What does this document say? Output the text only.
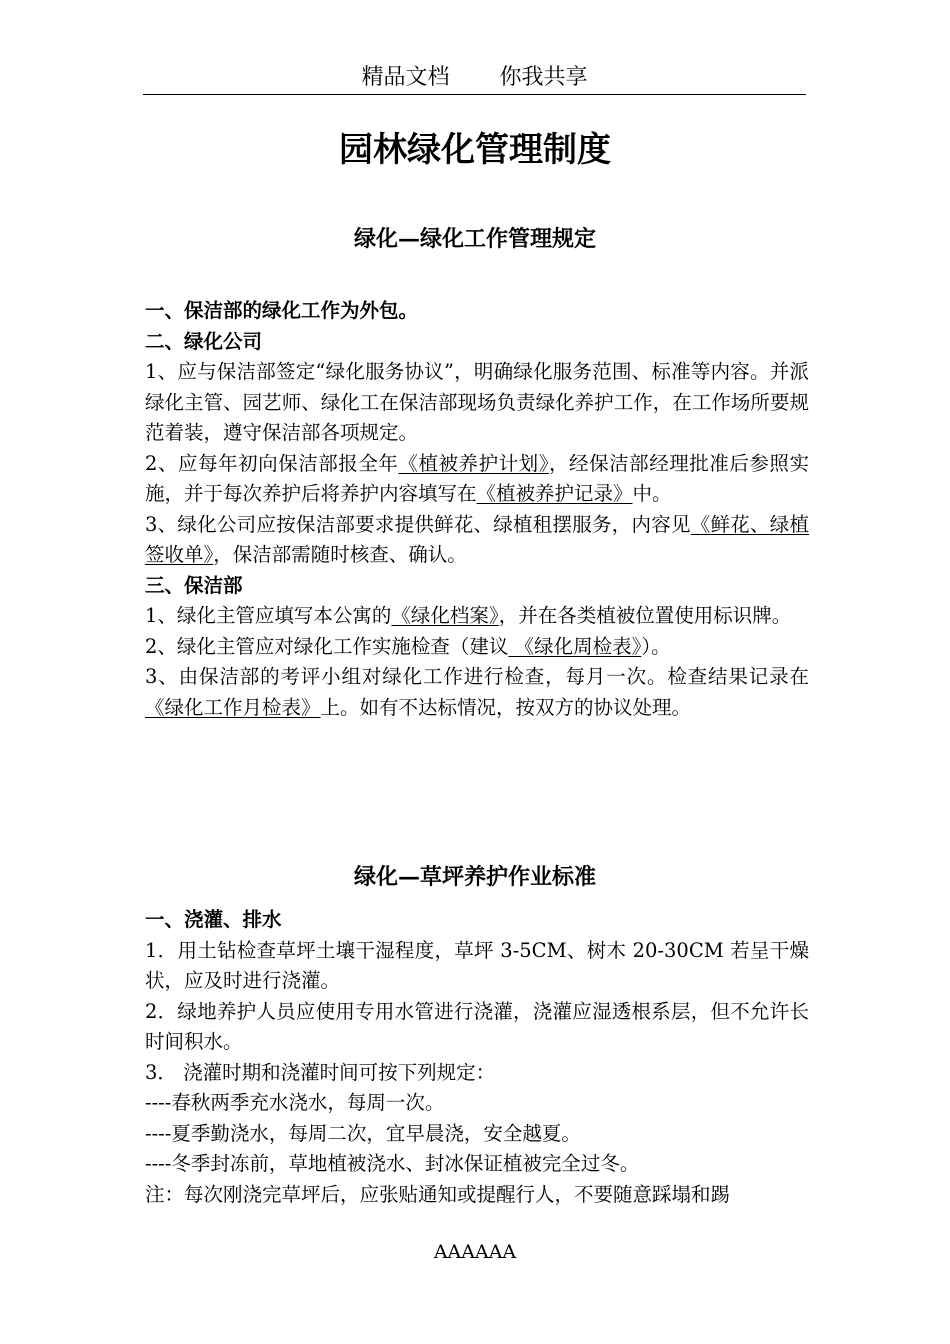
精品文档 你我共享
园林绿化管理制度
绿化—绿化工作管理规定

一、保洁部的绿化工作为外包。

二、绿化公司

1、应与保洁部签定“绿化服务协议”，明确绿化服务范围、标准等内容。并派绿化主管、园艺师、绿化工在保洁部现场负责绿化养护工作，在工作场所要规范着装，遵守保洁部各项规定。

2、应每年初向保洁部报全年《植被养护计划》，经保洁部经理批准后参照实施，并于每次养护后将养护内容填写在《植被养护记录》中。

3、绿化公司应按保洁部要求提供鲜花、绿植租摆服务，内容见《鲜花、绿植签收单》，保洁部需随时核查、确认。

三、保洁部

1、绿化主管应填写本公寓的《绿化档案》，并在各类植被位置使用标识牌。

2、绿化主管应对绿化工作实施检查（建议 《绿化周检表》）。

3、由保洁部的考评小组对绿化工作进行检查，每月一次。检查结果记录在《绿化工作月检表》上。如有不达标情况，按双方的协议处理。

绿化—草坪养护作业标准

一、浇灌、排水

1．用土钻检查草坪土壤干湿程度，草坪 3-5CM、树木 20-30CM 若呈干燥状，应及时进行浇灌。

2．绿地养护人员应使用专用水管进行浇灌，浇灌应湿透根系层，但不允许长时间积水。

3． 浇灌时期和浇灌时间可按下列规定：

----春秋两季充水浇水，每周一次。

----夏季勤浇水，每周二次，宜早晨浇，安全越夏。

----冬季封冻前，草地植被浇水、封冰保证植被完全过冬。

注：每次刚浇完草坪后，应张贴通知或提醒行人，不要随意踩塌和踢

AAAAAA
